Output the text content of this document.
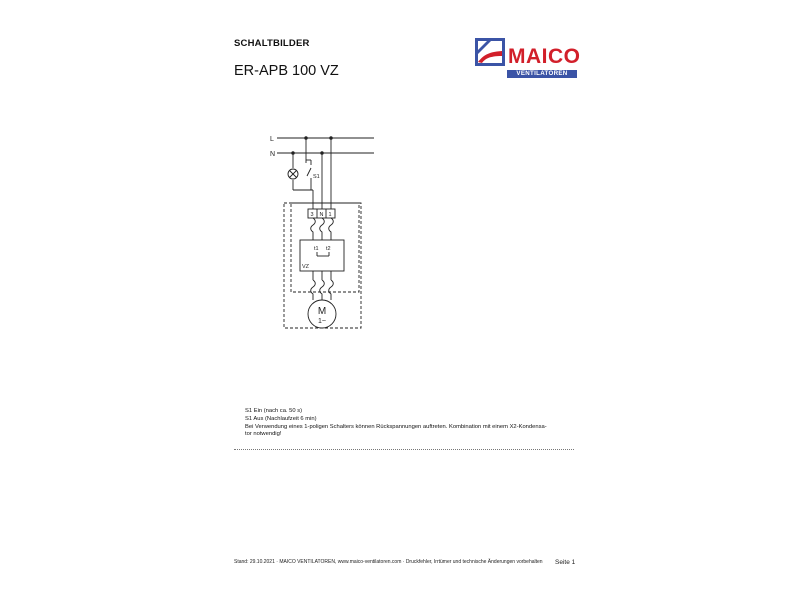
SCHALTBILDER
ER-APB 100 VZ
MAICO
VENTILATOREN
L
N
S1
3 N 1
t1 t2
VZ
M
1~
S1 Ein (nach ca. 50 s)
S1 Aus (Nachlaufzeit 6 min)
Bei Verwendung eines 1-poligen Schalters können Rückspannungen auftreten. Kombination mit einem X2-Kondensa-
tor notwendig!
Stand: 29.10.2021 · MAICO VENTILATOREN, www.maico-ventilatoren.com · Druckfehler, Irrtümer und technische Änderungen vorbehalten Seite 1
